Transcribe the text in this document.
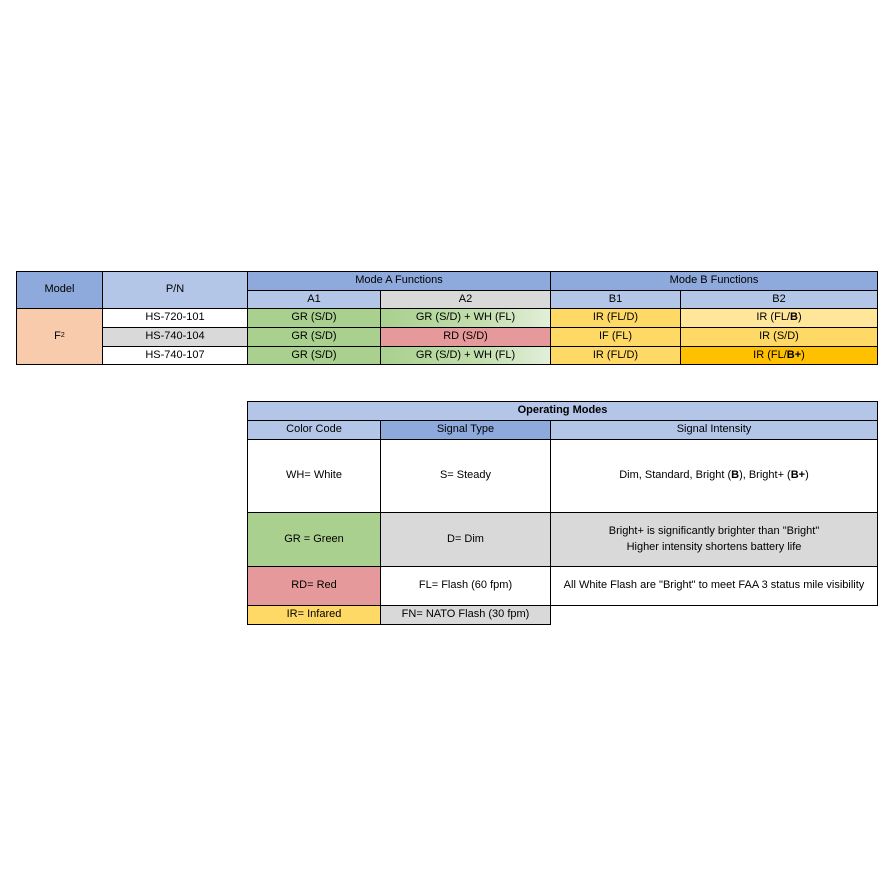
Model	P/N
Mode A Functions	Mode B Functions
A1	A2	B1	B2
F 2
HS-720-101	GR (S/D)	GR (S/D) + WH (FL)	IR (FL/D)	IR (FL/ B )
HS-740-104	GR (S/D)	RD (S/D)	IF (FL)	IR (S/D)
HS-740-107	GR (S/D)	GR (S/D) + WH (FL)	IR (FL/D)	IR (FL/ B+ )
Operating Modes
Color Code	Signal Type	Signal Intensity
WH= White	S= Steady	Dim, Standard, Bright ( B ), Bright+ ( B+ )
GR = Green	D= Dim
Bright+ is significantly brighter than "Bright"
Higher intensity shortens battery life
RD= Red	FL= Flash (60 fpm)	All White Flash are "Bright" to meet FAA 3 status mile visibility
IR= Infared	FN= NATO Flash (30 fpm)
